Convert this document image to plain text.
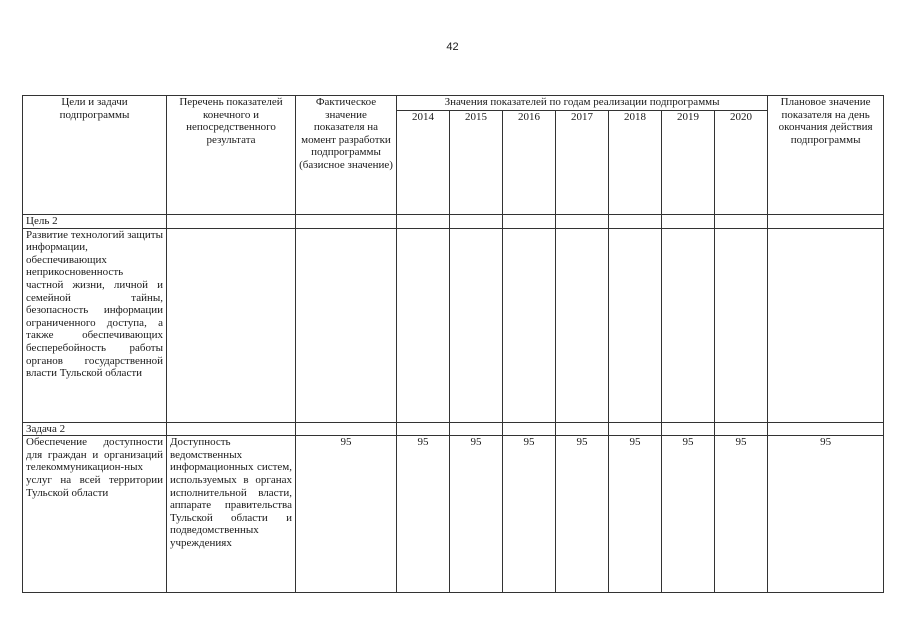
42
Цели и задачи подпрограммы	Перечень показателей конечного и непосредственного результата	Фактическое значение показателя на момент разработки подпрограммы (базисное значение)	Значения показателей по годам реализации подпрограммы							Плановое значение показателя на день окончания действия подпрограммы
			2014	2015	2016	2017	2018	2019	2020	
Цель 2										
Развитие технологий защиты информации, обеспечивающих неприкосновенность частной жизни, личной и семейной тайны, безопасность информации ограниченного доступа, а также обеспечивающих бесперебойность работы органов государственной власти Тульской области										
Задача 2										
Обеспечение доступности для граждан и организаций телекоммуникацион-ных услуг на всей территории Тульской области	Доступность ведомственных информационных систем, используемых в органах исполнительной власти, аппарате правительства Тульской области и подведомственных учреждениях	95	95	95	95	95	95	95	95	95
